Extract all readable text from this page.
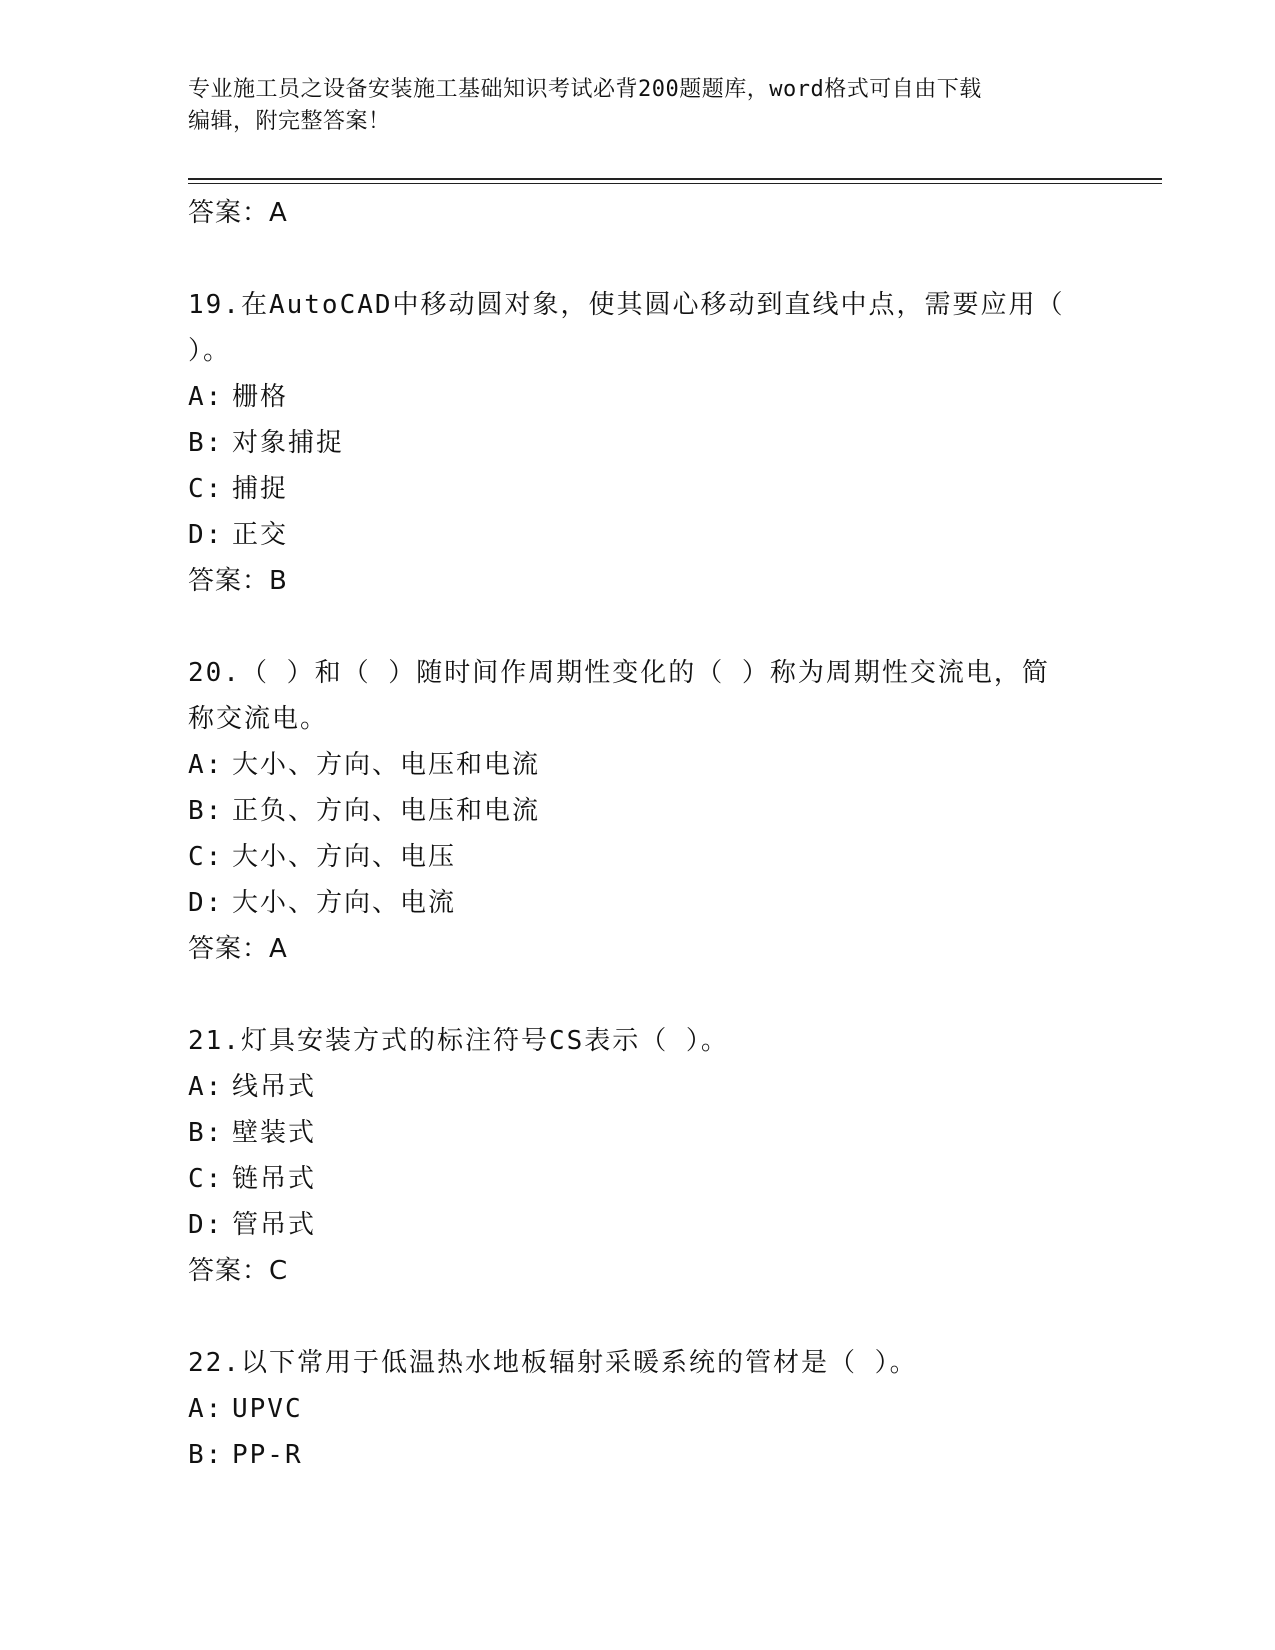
专业施工员之设备安装施工基础知识考试必背200题题库，word格式可自由下载
编辑，附完整答案！
答案：A
19.在AutoCAD中移动圆对象，使其圆心移动到直线中点，需要应用（
）。
A: 栅格
B: 对象捕捉
C: 捕捉
D: 正交
答案：B
20.（ ）和（ ）随时间作周期性变化的（ ）称为周期性交流电，简
称交流电。
A: 大小、方向、电压和电流
B: 正负、方向、电压和电流
C: 大小、方向、电压
D: 大小、方向、电流
答案：A
21.灯具安装方式的标注符号CS表示（ ）。
A: 线吊式
B: 壁装式
C: 链吊式
D: 管吊式
答案：C
22.以下常用于低温热水地板辐射采暖系统的管材是（ ）。
A: UPVC
B: PP-R
